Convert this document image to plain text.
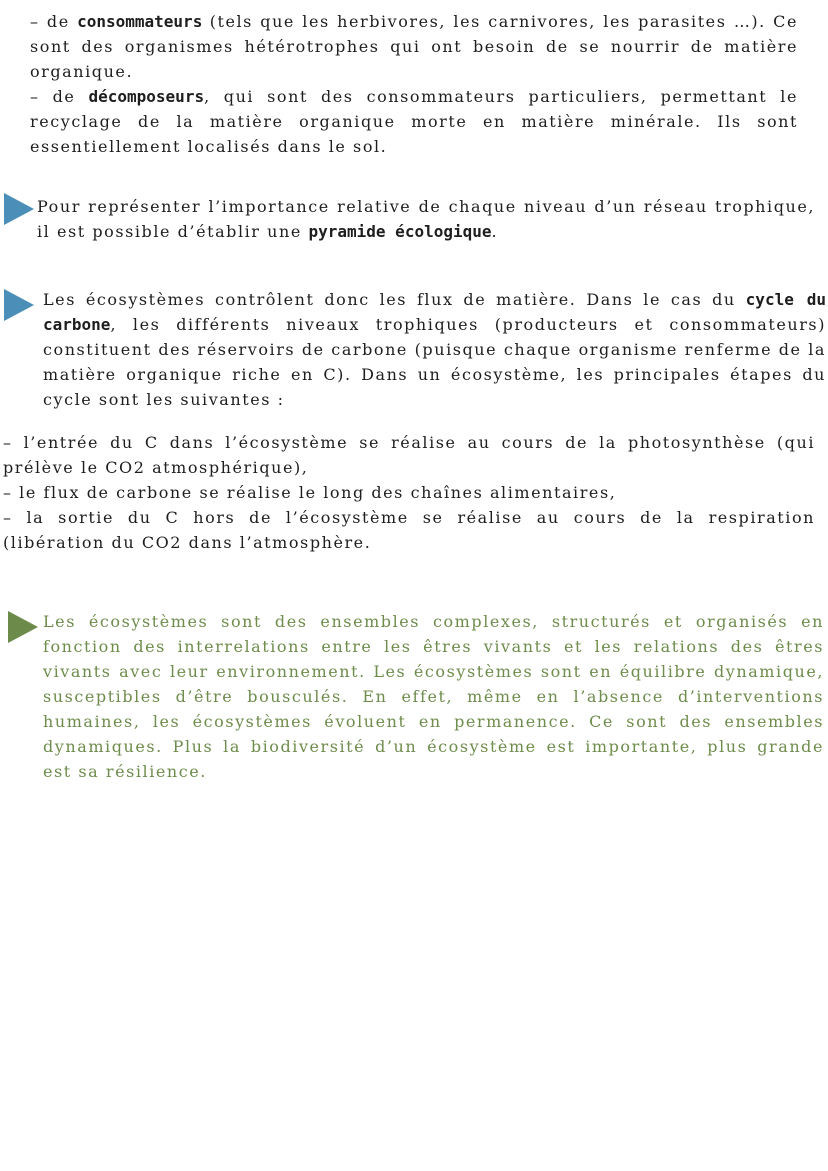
– de consommateurs (tels que les herbivores, les carnivores, les parasites …). Ce sont des organismes hétérotrophes qui ont besoin de se nourrir de matière organique.

– de décomposeurs, qui sont des consommateurs particuliers, permettant le recyclage de la matière organique morte en matière minérale. Ils sont essentiellement localisés dans le sol.

Pour représenter l’importance relative de chaque niveau d’un réseau trophique, il est possible d’établir une pyramide écologique.

Les écosystèmes contrôlent donc les flux de matière. Dans le cas du cycle du carbone, les différents niveaux trophiques (producteurs et consommateurs) constituent des réservoirs de carbone (puisque chaque organisme renferme de la matière organique riche en C). Dans un écosystème, les principales étapes du cycle sont les suivantes :

– l’entrée du C dans l’écosystème se réalise au cours de la photosynthèse (qui prélève le CO2 atmosphérique),

– le flux de carbone se réalise le long des chaînes alimentaires,

– la sortie du C hors de l’écosystème se réalise au cours de la respiration (libération du CO2 dans l’atmosphère.

Les écosystèmes sont des ensembles complexes, structurés et organisés en fonction des interrelations entre les êtres vivants et les relations des êtres vivants avec leur environnement. Les écosystèmes sont en équilibre dynamique, susceptibles d’être bousculés. En effet, même en l’absence d’interventions humaines, les écosystèmes évoluent en permanence. Ce sont des ensembles dynamiques. Plus la biodiversité d’un écosystème est importante, plus grande est sa résilience.
